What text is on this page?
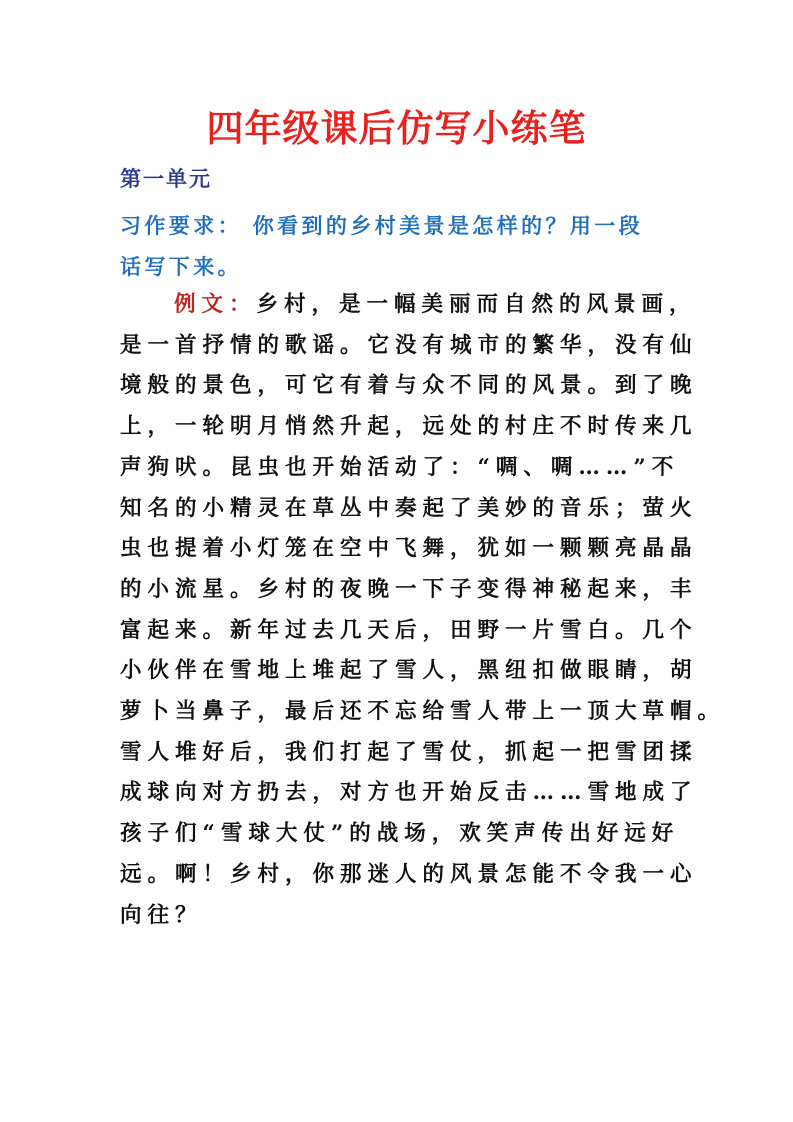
四年级课后仿写小练笔
第一单元
习作要求： 你看到的乡村美景是怎样的？用一段
话写下来。
例文：乡村，是一幅美丽而自然的风景画，
是一首抒情的歌谣。它没有城市的繁华，没有仙
境般的景色，可它有着与众不同的风景。到了晚
上，一轮明月悄然升起，远处的村庄不时传来几
声狗吠。昆虫也开始活动了：“啁、啁……”不
知名的小精灵在草丛中奏起了美妙的音乐；萤火
虫也提着小灯笼在空中飞舞，犹如一颗颗亮晶晶
的小流星。乡村的夜晚一下子变得神秘起来，丰
富起来。新年过去几天后，田野一片雪白。几个
小伙伴在雪地上堆起了雪人，黑纽扣做眼睛，胡
萝卜当鼻子，最后还不忘给雪人带上一顶大草帽。
雪人堆好后，我们打起了雪仗，抓起一把雪团揉
成球向对方扔去，对方也开始反击……雪地成了
孩子们“雪球大仗”的战场，欢笑声传出好远好
远。啊！乡村，你那迷人的风景怎能不令我一心
向往？
